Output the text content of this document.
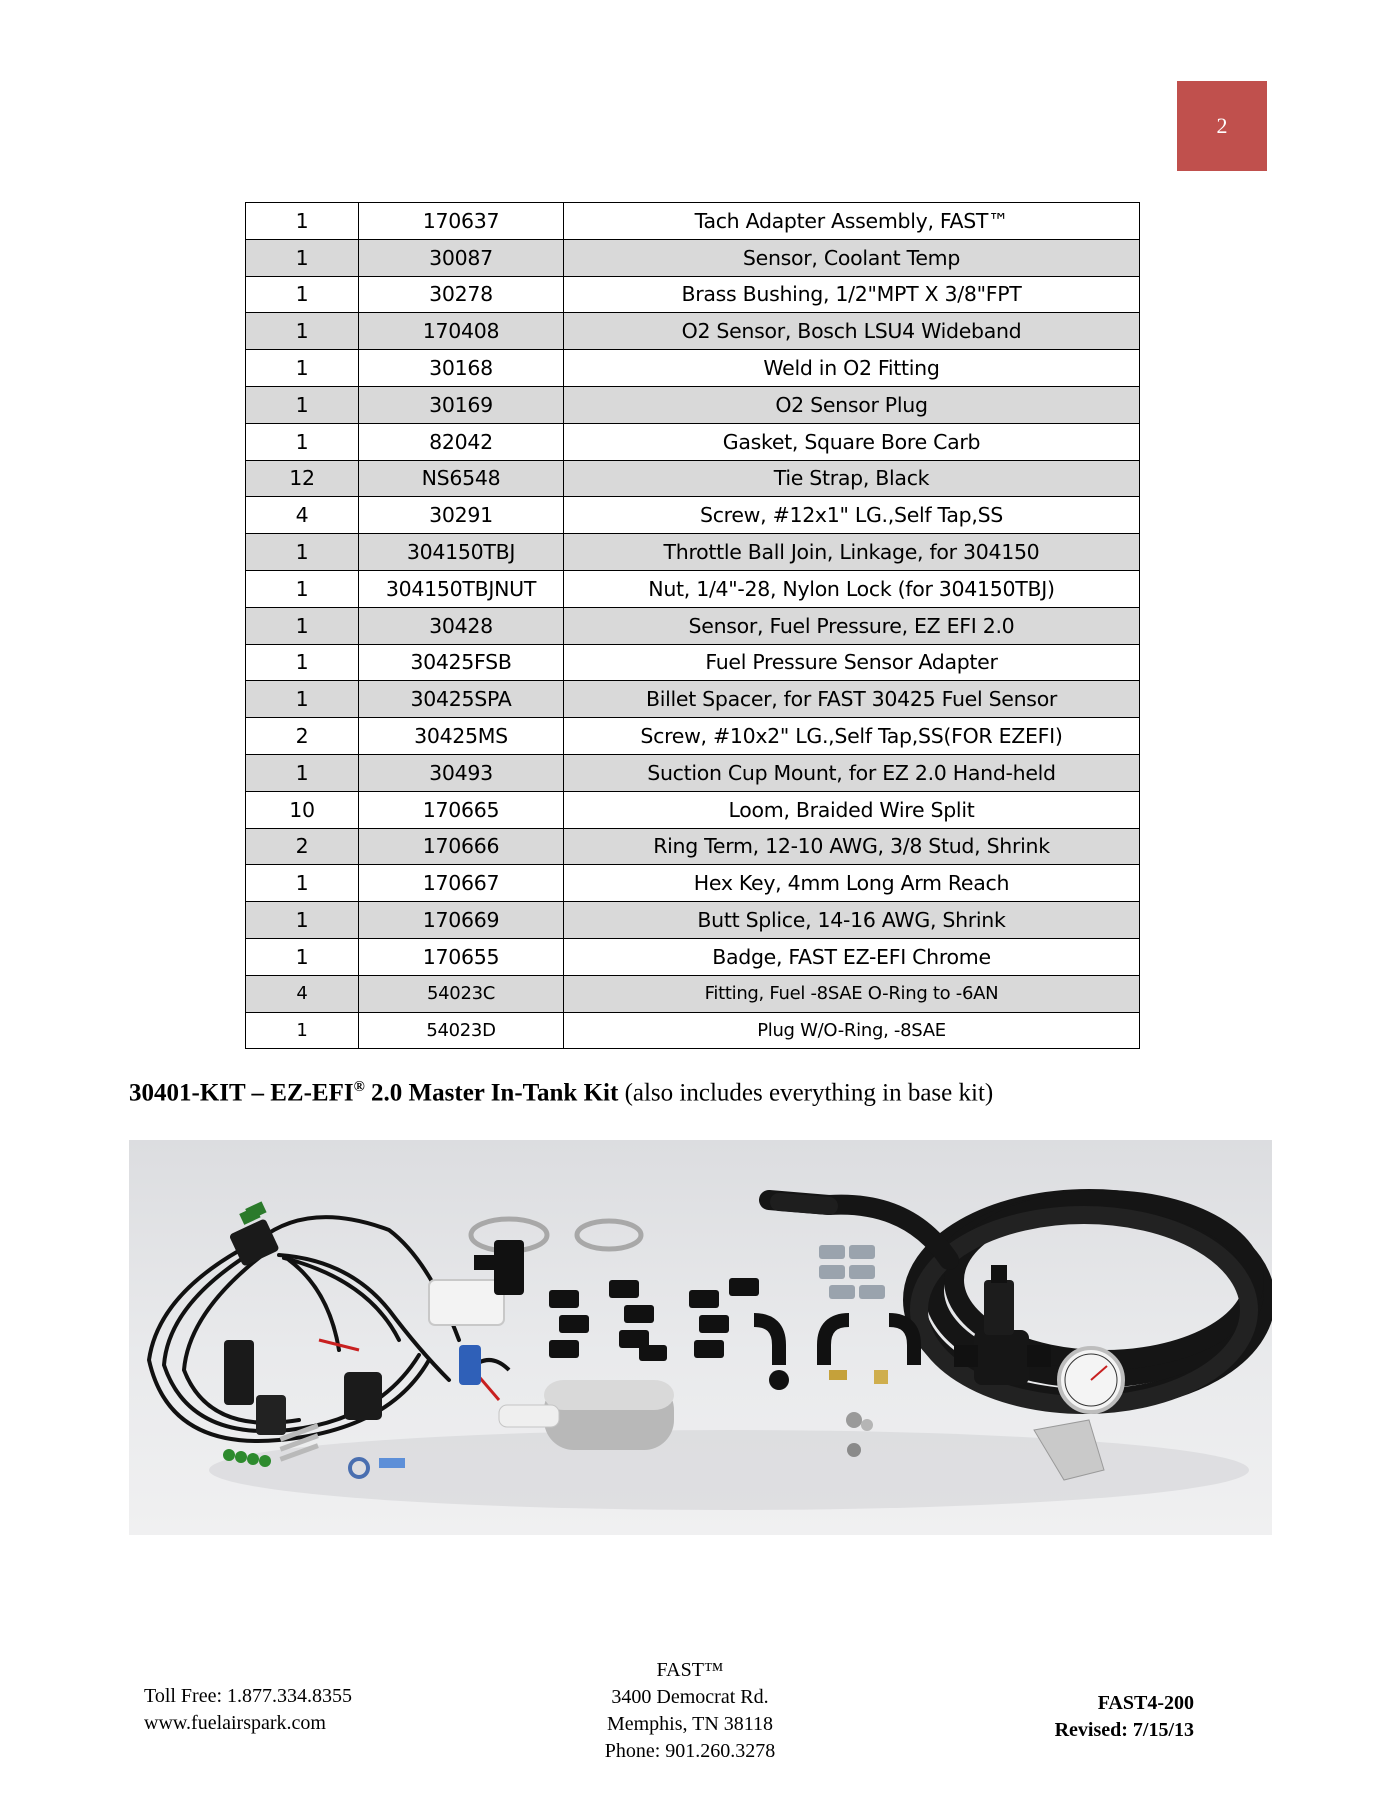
2
1	170637	Tach Adapter Assembly, FAST™
1	30087	Sensor, Coolant Temp
1	30278	Brass Bushing, 1/2"MPT X 3/8"FPT
1	170408	O2 Sensor, Bosch LSU4 Wideband
1	30168	Weld in O2 Fitting
1	30169	O2 Sensor Plug
1	82042	Gasket, Square Bore Carb
12	NS6548	Tie Strap, Black
4	30291	Screw, #12x1" LG.,Self Tap,SS
1	304150TBJ	Throttle Ball Join, Linkage, for 304150
1	304150TBJNUT	Nut, 1/4"-28, Nylon Lock (for 304150TBJ)
1	30428	Sensor, Fuel Pressure, EZ EFI 2.0
1	30425FSB	Fuel Pressure Sensor Adapter
1	30425SPA	Billet Spacer, for FAST 30425 Fuel Sensor
2	30425MS	Screw, #10x2" LG.,Self Tap,SS(FOR EZEFI)
1	30493	Suction Cup Mount, for EZ 2.0 Hand-held
10	170665	Loom, Braided Wire Split
2	170666	Ring Term, 12-10 AWG, 3/8 Stud, Shrink
1	170667	Hex Key, 4mm Long Arm Reach
1	170669	Butt Splice, 14-16 AWG, Shrink
1	170655	Badge, FAST EZ-EFI Chrome
4	54023C	Fitting, Fuel -8SAE O-Ring to -6AN
1	54023D	Plug W/O-Ring, -8SAE
30401-KIT – EZ-EFI® 2.0 Master In-Tank Kit (also includes everything in base kit)
Toll Free: 1.877.334.8355
www.fuelairspark.com
FAST™
3400 Democrat Rd.
Memphis, TN 38118
Phone: 901.260.3278
FAST4-200
Revised: 7/15/13
